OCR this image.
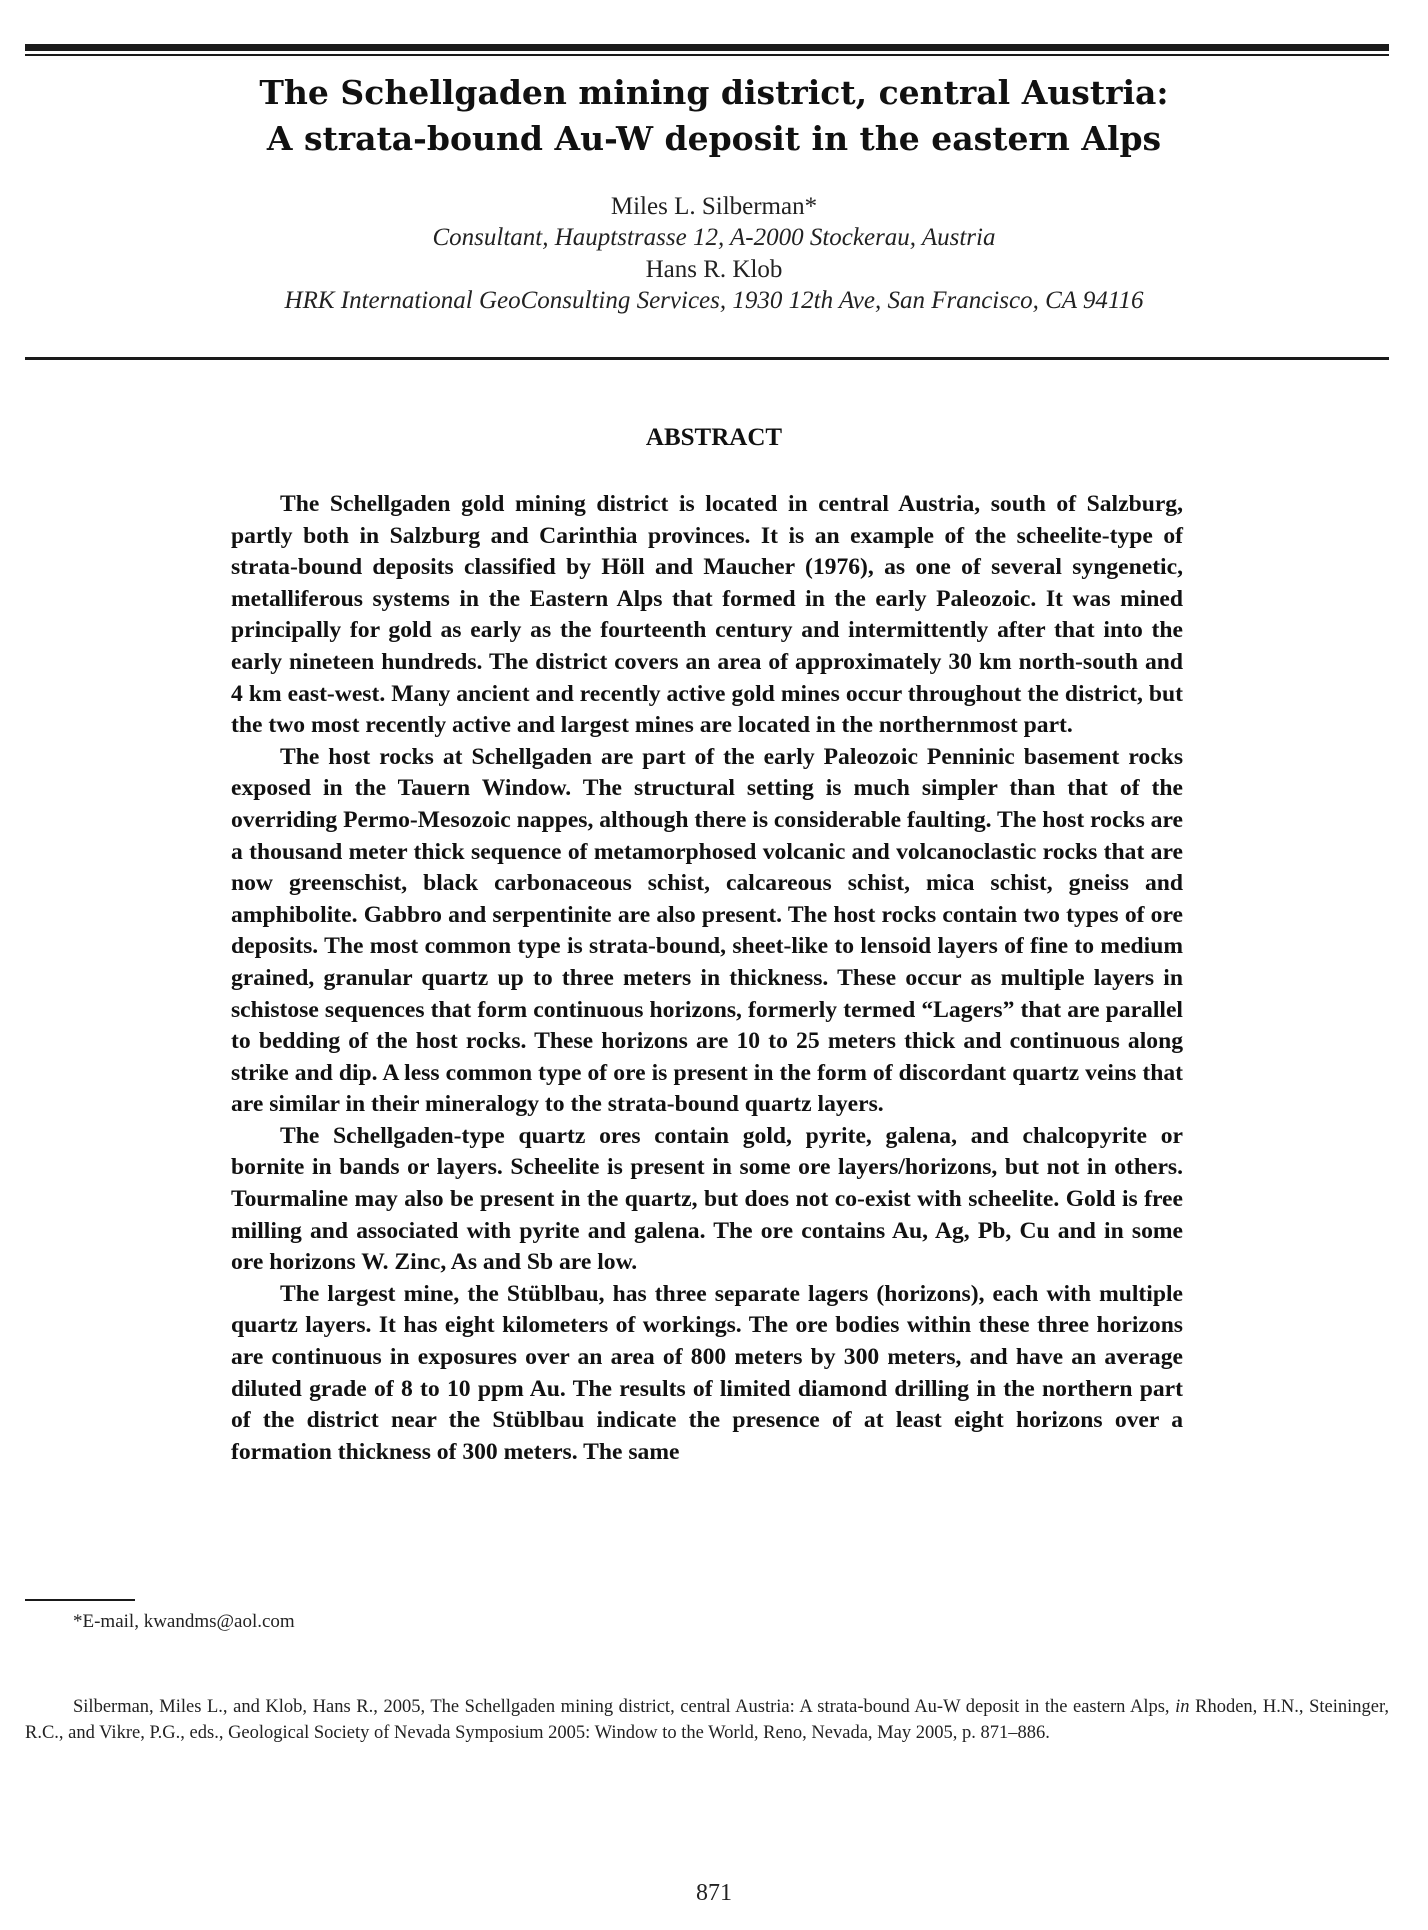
The Schellgaden mining district, central Austria:
A strata-bound Au-W deposit in the eastern Alps
Miles L. Silberman*
Consultant, Hauptstrasse 12, A-2000 Stockerau, Austria
Hans R. Klob
HRK International GeoConsulting Services, 1930 12th Ave, San Francisco, CA 94116
ABSTRACT

The Schellgaden gold mining district is located in central Austria, south of Salzburg, partly both in Salzburg and Carinthia provinces. It is an example of the scheelite-type of strata-bound deposits classified by Höll and Maucher (1976), as one of several syngenetic, metalliferous systems in the Eastern Alps that formed in the early Paleozoic. It was mined principally for gold as early as the fourteenth century and intermittently after that into the early nineteen hundreds. The district covers an area of approximately 30 km north-south and 4 km east-west. Many ancient and recently active gold mines occur throughout the district, but the two most recently active and largest mines are located in the northernmost part.

The host rocks at Schellgaden are part of the early Paleozoic Penninic basement rocks exposed in the Tauern Window. The structural setting is much simpler than that of the overriding Permo-Mesozoic nappes, although there is considerable faulting. The host rocks are a thousand meter thick sequence of metamorphosed volcanic and volcanoclastic rocks that are now greenschist, black carbonaceous schist, calcareous schist, mica schist, gneiss and amphibolite. Gabbro and serpentinite are also present. The host rocks contain two types of ore deposits. The most common type is strata-bound, sheet-like to lensoid layers of fine to medium grained, granular quartz up to three meters in thickness. These occur as multiple layers in schistose sequences that form continuous horizons, formerly termed “Lagers” that are parallel to bedding of the host rocks. These horizons are 10 to 25 meters thick and continuous along strike and dip. A less common type of ore is present in the form of discordant quartz veins that are similar in their mineralogy to the strata-bound quartz layers.

The Schellgaden-type quartz ores contain gold, pyrite, galena, and chalcopyrite or bornite in bands or layers. Scheelite is present in some ore layers/horizons, but not in others. Tourmaline may also be present in the quartz, but does not co-exist with scheelite. Gold is free milling and associated with pyrite and galena. The ore contains Au, Ag, Pb, Cu and in some ore horizons W. Zinc, As and Sb are low.

The largest mine, the Stüblbau, has three separate lagers (horizons), each with multiple quartz layers. It has eight kilometers of workings. The ore bodies within these three horizons are continuous in exposures over an area of 800 meters by 300 meters, and have an average diluted grade of 8 to 10 ppm Au. The results of limited diamond drilling in the northern part of the district near the Stüblbau indicate the presence of at least eight horizons over a formation thickness of 300 meters. The same

*E-mail, kwandms@aol.com

Silberman, Miles L., and Klob, Hans R., 2005, The Schellgaden mining district, central Austria: A strata-bound Au-W deposit in the eastern Alps, in Rhoden, H.N., Steininger, R.C., and Vikre, P.G., eds., Geological Society of Nevada Symposium 2005: Window to the World, Reno, Nevada, May 2005, p. 871–886.

871
